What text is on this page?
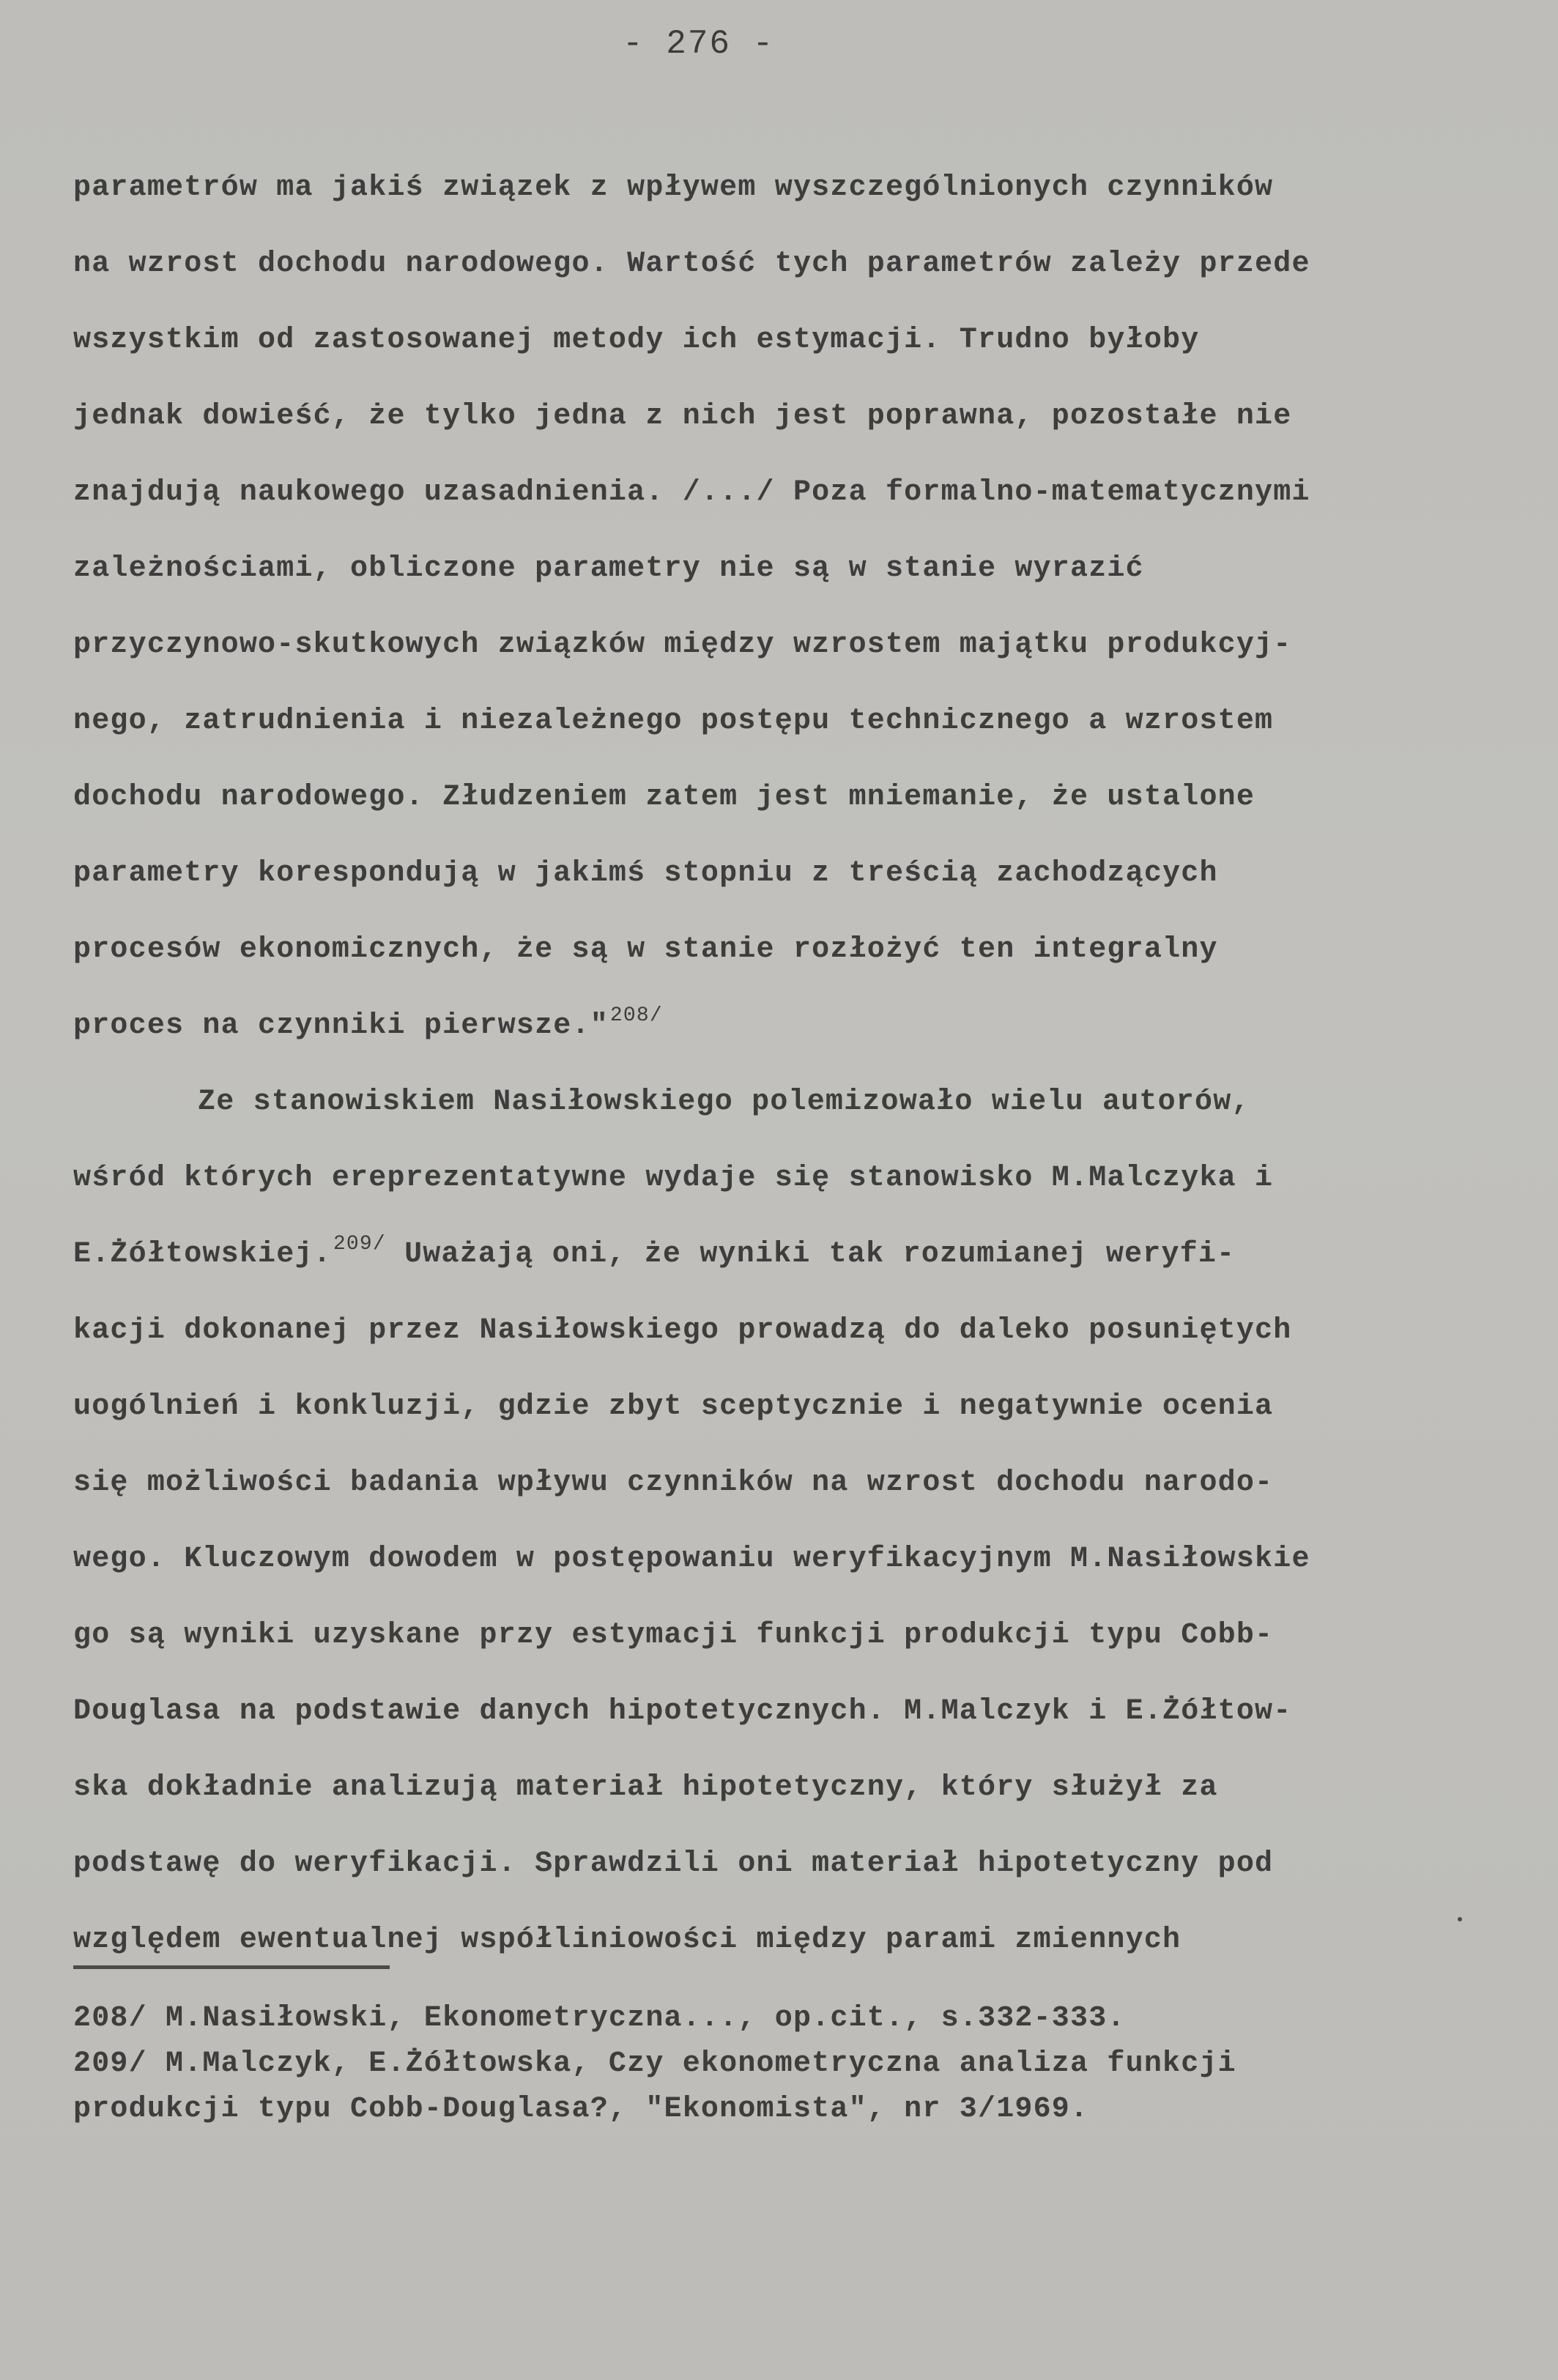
- 276 -
parametrów ma jakiś związek z wpływem wyszczególnionych czynników
na wzrost dochodu narodowego. Wartość tych parametrów zależy przede
wszystkim od zastosowanej metody ich estymacji. Trudno byłoby
jednak dowieść, że tylko jedna z nich jest poprawna, pozostałe nie
znajdują naukowego uzasadnienia. /.../ Poza formalno-matematycznymi
zależnościami, obliczone parametry nie są w stanie wyrazić
przyczynowo-skutkowych związków między wzrostem majątku produkcyj-
nego, zatrudnienia i niezależnego postępu technicznego a wzrostem
dochodu narodowego. Złudzeniem zatem jest mniemanie, że ustalone
parametry korespondują w jakimś stopniu z treścią zachodzących
procesów ekonomicznych, że są w stanie rozłożyć ten integralny
proces na czynniki pierwsze."$^{208/}$
Ze stanowiskiem Nasiłowskiego polemizowało wielu autorów,
wśród których ereprezentatywne wydaje się stanowisko M.Malczyka i
E.Żółtowskiej.$^{209/}$ Uważają oni, że wyniki tak rozumianej weryfi-
kacji dokonanej przez Nasiłowskiego prowadzą do daleko posuniętych
uogólnień i konkluzji, gdzie zbyt sceptycznie i negatywnie ocenia
się możliwości badania wpływu czynników na wzrost dochodu narodo-
wego. Kluczowym dowodem w postępowaniu weryfikacyjnym M.Nasiłowskie
go są wyniki uzyskane przy estymacji funkcji produkcji typu Cobb-
Douglasa na podstawie danych hipotetycznych. M.Malczyk i E.Żółtow-
ska dokładnie analizują materiał hipotetyczny, który służył za
podstawę do weryfikacji. Sprawdzili oni materiał hipotetyczny pod
względem ewentualnej współliniowości między parami zmiennych
208/ M.Nasiłowski, Ekonometryczna..., op.cit., s.332-333.
209/ M.Malczyk, E.Żółtowska, Czy ekonometryczna analiza funkcji
produkcji typu Cobb-Douglasa?, "Ekonomista", nr 3/1969.
